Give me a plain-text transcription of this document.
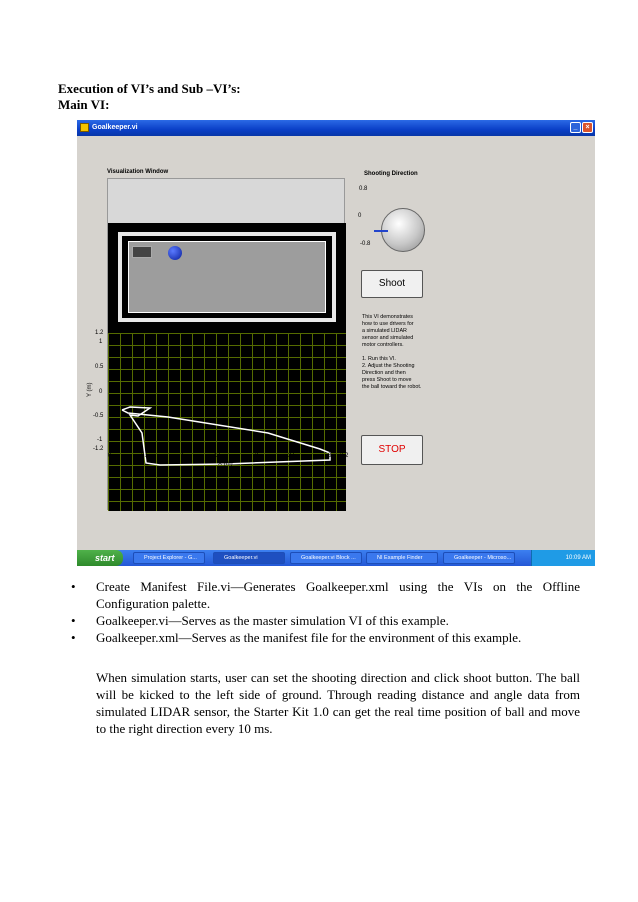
Execution of VI’s and Sub –VI’s:
Main VI:
Goalkeeper.vi	_	×
Visualization Window
1.2
1
0.5
0
-0.5
-1
-1.2
Y (m)
0	0.5	1	1.5	2	2.5	3 3.2
X (m)
Shooting Direction
0.8
0
-0.8
Shoot
This VI demonstrates
how to use drivers for
a simulated LIDAR
sensor and simulated
motor controllers.
1. Run this VI.
2. Adjust the Shooting
Direction and then
press Shoot to move
the ball toward the robot.
STOP
start	Project Explorer - G...	Goalkeeper.vi	Goalkeeper.vi Block ...	NI Example Finder	Goalkeeper - Microso...	10:09 AM
• Create Manifest File.vi—Generates Goalkeeper.xml using the VIs on the Offline Configuration palette.
• Goalkeeper.vi—Serves as the master simulation VI of this example.
• Goalkeeper.xml—Serves as the manifest file for the environment of this example.

When simulation starts, user can set the shooting direction and click shoot button. The ball will be kicked to the left side of ground. Through reading distance and angle data from simulated LIDAR sensor, the Starter Kit 1.0 can get the real time position of ball and move to the right direction every 10 ms.
